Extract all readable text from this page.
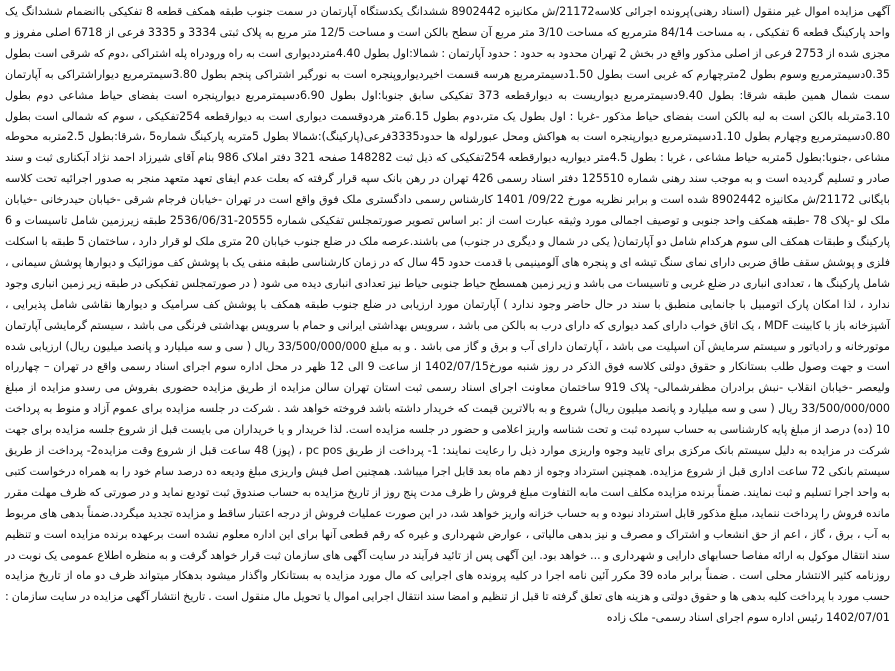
آگهی مزایده اموال غیر منقول (اسناد رهنی)پرونده اجرائی کلاسه21172/ش مکانیزه 8902442 ششدانگ یکدستگاه آپارتمان در سمت جنوب طبقه همکف قطعه 8 تفکیکی باانضمام ششدانگ یک واحد پارکینگ قطعه 6 تفکیکی ، به مساحت 84/14 مترمربع که مساحت 3/10 متر مربع آن سطح بالکن است و مساحت 12/5 متر مربع به پلاک ثبتی 3334 و 3335 فرعی از 6718 اصلی مفروز و مجزی شده از 2753 فرعی از اصلی مذکور واقع در بخش 2 تهران محدود به حدود : حدود آپارتمان : شمالا:اول بطول 4.40مترددیواری است به راه ورودراه پله اشتراکی ،دوم که شرقی است بطول 0.35دسیمترمربع وسوم بطول 2مترچهارم که غربی است بطول 1.50دسیمترمربع هرسه قسمت اخیردیواروپنجره است به نورگیر اشتراکی پنجم بطول 3.80سیمترمربع دیواراشتراکی به آپارتمان سمت شمال همین طبقه شرقا: بطول 9.40دسیمترمربع دیواریست به دیوارقطعه 373 تفکیکی سابق جنوبا:اول بطول 6.90دسیمترمربع دیوارپنجره است بفضای حیاط مشاعی دوم بطول 3.10متربله بالکن است به لبه بالکن است بفضای حیاط مذکور -غربا : اول بطول یک متر،دوم بطول 6.15متر هردوقسمت دیواری است به دیوارقطعه 254تفکیکی ، سوم که شمالی است بطول 0.80دسیمترمربع وچهارم بطول 1.10دسیمترمربع دیوارپنجره است به هواکش ومحل عبورلوله ها حدود3335فرعی(پارکینگ):شمالا بطول 5متربه پارکینگ شماره5 ،شرقا:بطول 2.5متربه محوطه مشاعی ،جنوبا:بطول 5متربه حیاط مشاعی ، غربا : بطول 4.5متر دیواریه دیوارقطعه 254تفکیکی که ذیل ثبت 148282 صفحه 321 دفتر املاک 986 بنام آقای شیرزاد احمد نژاد آبکناری ثبت و سند صادر و تسلیم گردیده است و به موجب سند رهنی شماره 125510 دفتر اسناد رسمی 426 تهران در رهن بانک سپه قرار گرفته که بعلت عدم ایفای تعهد متعهد منجر به صدور اجرائیه تحت کلاسه بایگانی 21172/ش مکانیزه 8902442 شده است و برابر نظریه مورخ 09/22/ 1401 کارشناس رسمی دادگستری ملک فوق واقع است در تهران -خیابان فرجام شرقی -خیابان حیدرخانی -خیابان ملک لو -پلاک 78 -طبقه همکف واحد جنوبی و توصیف اجمالی مورد وثیقه عبارت است از :بر اساس تصویر صورتمجلس تفکیکی شماره 20555-2536/06/31 طبقه زیرزمین شامل تاسیسات و 6 پارکینگ و طبقات همکف الی سوم هرکدام شامل دو آپارتمان( یکی در شمال و دیگری در جنوب) می باشند.عرصه ملک در ضلع جنوب خیابان 20 متری ملک لو قرار دارد ، ساختمان 5 طبقه با اسکلت فلزی و پوشش سقف طاق ضربی دارای نمای سنگ تیشه ای و پنجره های آلومینیمی با قدمت حدود 45 سال که در زمان کارشناسی طبقه منفی یک با پوشش کف موزائیک و دیوارها پوشش سیمانی ، شامل پارکینگ ها ، تعدادی انباری در ضلع غربی و تاسیسات می باشد و زیر زمین همسطح حیاط جنوبی حیاط نیز تعدادی انباری دیده می شود ( در صورتمجلس تفکیکی در طبقه زیر زمین انباری وجود ندارد ، لذا امکان پارک اتومبیل با جانمایی منطبق با سند در حال حاضر وجود ندارد ) آپارتمان مورد ارزیابی در ضلع جنوب طبقه همکف با پوشش کف سرامیک و دیوارها نقاشی شامل پذیرایی ، آشپزخانه باز با کابینت MDF ، یک اتاق خواب دارای کمد دیواری که دارای درب به بالکن می باشد ، سرویس بهداشتی ایرانی و حمام با سرویس بهداشتی فرنگی می باشد ، سیستم گرمایشی آپارتمان موتورخانه و رادیاتور و سیستم سرمایش آن اسپلیت می باشد ، آپارتمان دارای آب و برق و گاز می باشد . و به مبلغ 33/500/000/000 ریال ( سی و سه میلیارد و پانصد میلیون ریال) ارزیابی شده است و جهت وصول طلب بستانکار و حقوق دولتی کلاسه فوق الذکر در روز شنبه مورخ1402/07/15 از ساعت 9 الی 12 ظهر در محل اداره سوم اجرای اسناد رسمی واقع در تهران – چهارراه ولیعصر -خیابان انقلاب -نبش برادران مظفرشمالی- پلاک 919 ساختمان معاونت اجرای اسناد رسمی ثبت استان تهران سالن مزایده از طریق مزایده حضوری بفروش می رسدو مزایده از مبلغ 33/500/000/000 ریال ( سی و سه میلیارد و پانصد میلیون ریال) شروع و به بالاترین قیمت که خریدار داشته باشد فروخته خواهد شد . شرکت در جلسه مزایده برای عموم آزاد و منوط به پرداخت 10 (ده) درصد از مبلغ پایه کارشناسی به حساب سپرده ثبت و تحت شناسه واریز اعلامی و حضور در جلسه مزایده است. لذا خریدار و یا خریداران می بایست قبل از شروع جلسه مزایده برای جهت شرکت در مزایده به دلیل سیستم بانک مرکزی برای تایید وجوه واریزی موارد ذیل را رعایت نمایند: 1- پرداخت از طریق pc pos ، (پوز) 48 ساعت قبل از شروع وقت مزایده2- پرداخت از طریق سیستم بانکی 72 ساعت اداری قبل از شروع مزایده. همچنین استرداد وجوه از دهم ماه بعد قابل اجرا میباشد. همچنین اصل فیش واریزی مبلغ ودیعه ده درصد سام خود را به همراه درخواست کتبی به واحد اجرا تسلیم و ثبت نمایند. ضمناً برنده مزایده مکلف است مابه التفاوت مبلغ فروش را ظرف مدت پنج روز از تاریخ مزایده به حساب صندوق ثبت تودیع نماید و در صورتی که ظرف مهلت مقرر مانده فروش را پرداخت ننماید، مبلغ مذکور قابل استرداد نبوده و به حساب خزانه واریز خواهد شد، در این صورت عملیات فروش از درجه اعتبار ساقط و مزایده تجدید میگردد.ضمناً بدهی های مربوط به آب ، برق ، گاز ، اعم از حق انشعاب و اشتراک و مصرف و نیز بدهی مالیاتی ، عوارض شهرداری و غیره که رقم قطعی آنها برای این اداره معلوم نشده است برعهده برنده مزایده است و تنظیم سند انتقال موکول به ارائه مفاصا حسابهای دارایی و شهرداری و ... خواهد بود. این آگهی پس از تائید فرآیند در سایت آگهی های سازمان ثبت قرار خواهد گرفت و به منظره اطلاع عمومی یک نوبت در روزنامه کثیر الانتشار محلی است . ضمناً برابر ماده 39 مکرر آئین نامه اجرا در کلیه پرونده های اجرایی که مال مورد مزایده به بستانکار واگذار میشود بدهکار میتواند ظرف دو ماه از تاریخ مزایده حسب مورد با پرداخت کلیه بدهی ها و حقوق دولتی و هزینه های تعلق گرفته تا قبل از تنظیم و امضا سند انتقال اجرایی اموال یا تحویل مال منقول است . تاریخ انتشار آگهی مزایده در سایت سازمان : 1402/07/01 رئیس اداره سوم اجرای اسناد رسمی- ملک زاده
